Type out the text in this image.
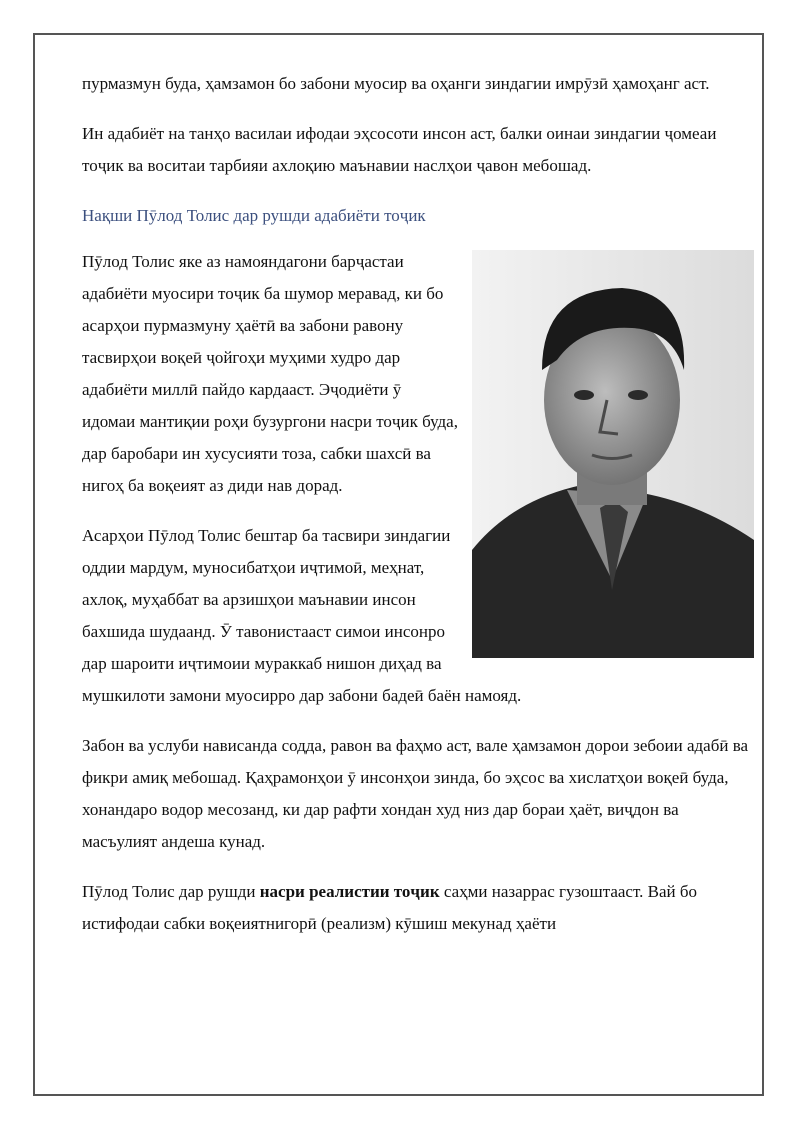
пурмазмун буда, ҳамзамон бо забони муосир ва оҳанги зиндагии имрӯзӣ ҳамоҳанг аст.

Ин адабиёт на танҳо василаи ифодаи эҳсосоти инсон аст, балки оинаи зиндагии ҷомеаи тоҷик ва воситаи тарбияи ахлоқию маънавии наслҳои ҷавон мебошад.

Нақши Пӯлод Толис дар рушди адабиёти тоҷик

Пӯлод Толис яке аз намояндагони барҷастаи адабиёти муосири тоҷик ба шумор меравад, ки бо асарҳои пурмазмуну ҳаётӣ ва забони равону тасвирҳои воқеӣ ҷойгоҳи муҳими худро дар адабиёти миллӣ пайдо кардааст. Эҷодиёти ӯ идомаи мантиқии роҳи бузургони насри тоҷик буда, дар баробари ин хусусияти тоза, сабки шахсӣ ва нигоҳ ба воқеият аз диди нав дорад.

Асарҳои Пӯлод Толис бештар ба тасвири зиндагии оддии мардум, муносибатҳои иҷтимоӣ, меҳнат, ахлоқ, муҳаббат ва арзишҳои маънавии инсон бахшида шудаанд. Ӯ тавонистааст симои инсонро дар шароити иҷтимоии мураккаб нишон диҳад ва мушкилоти замони муосирро дар забони бадеӣ баён намояд.

Забон ва услуби нависанда содда, равон ва фаҳмо аст, вале ҳамзамон дорои зебоии адабӣ ва фикри амиқ мебошад. Қаҳрамонҳои ӯ инсонҳои зинда, бо эҳсос ва хислатҳои воқеӣ буда, хонандаро водор месозанд, ки дар рафти хондан худ низ дар бораи ҳаёт, виҷдон ва масъулият андеша кунад.

Пӯлод Толис дар рушди насри реалистии тоҷик саҳми назаррас гузоштааст. Вай бо истифодаи сабки воқеиятнигорӣ (реализм) кӯшиш мекунад ҳаёти
